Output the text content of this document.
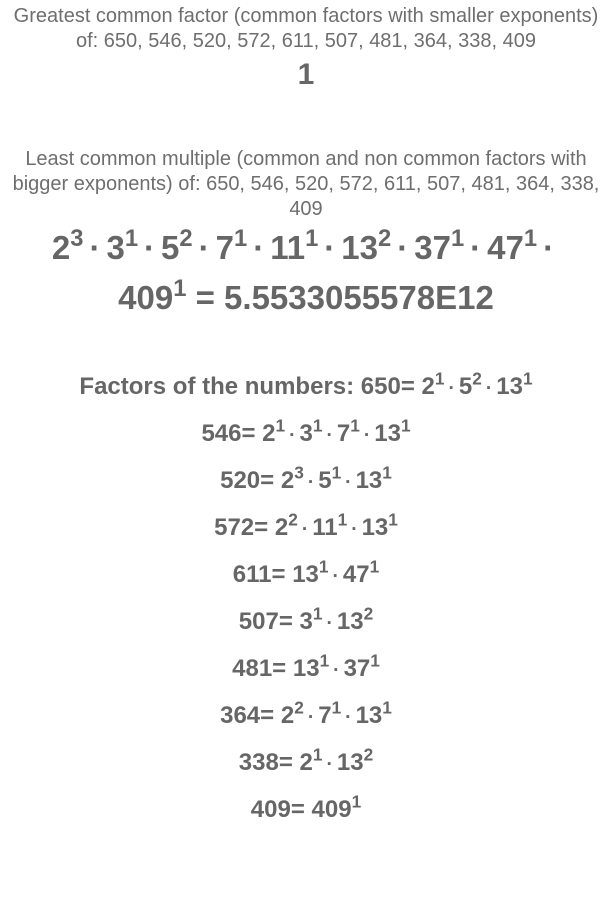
Greatest common factor (common factors with smaller exponents) of: 650, 546, 520, 572, 611, 507, 481, 364, 338, 409
1
Least common multiple (common and non common factors with bigger exponents) of: 650, 546, 520, 572, 611, 507, 481, 364, 338, 409
$2^3 \cdot 3^1 \cdot 5^2 \cdot 7^1 \cdot 11^1 \cdot 13^2 \cdot 37^1 \cdot 47^1$ ·
$409^1 = 5.5533055578E12$
Factors of the numbers: $650= 2^1 \cdot 5^2 \cdot 13^1$
$546= 2^1 \cdot 3^1 \cdot 7^1 \cdot 13^1$
$520= 2^3 \cdot 5^1 \cdot 13^1$
$572= 2^2 \cdot 11^1 \cdot 13^1$
$611= 13^1 \cdot 47^1$
$507= 3^1 \cdot 13^2$
$481= 13^1 \cdot 37^1$
$364= 2^2 \cdot 7^1 \cdot 13^1$
$338= 2^1 \cdot 13^2$
$409= 409^1$
